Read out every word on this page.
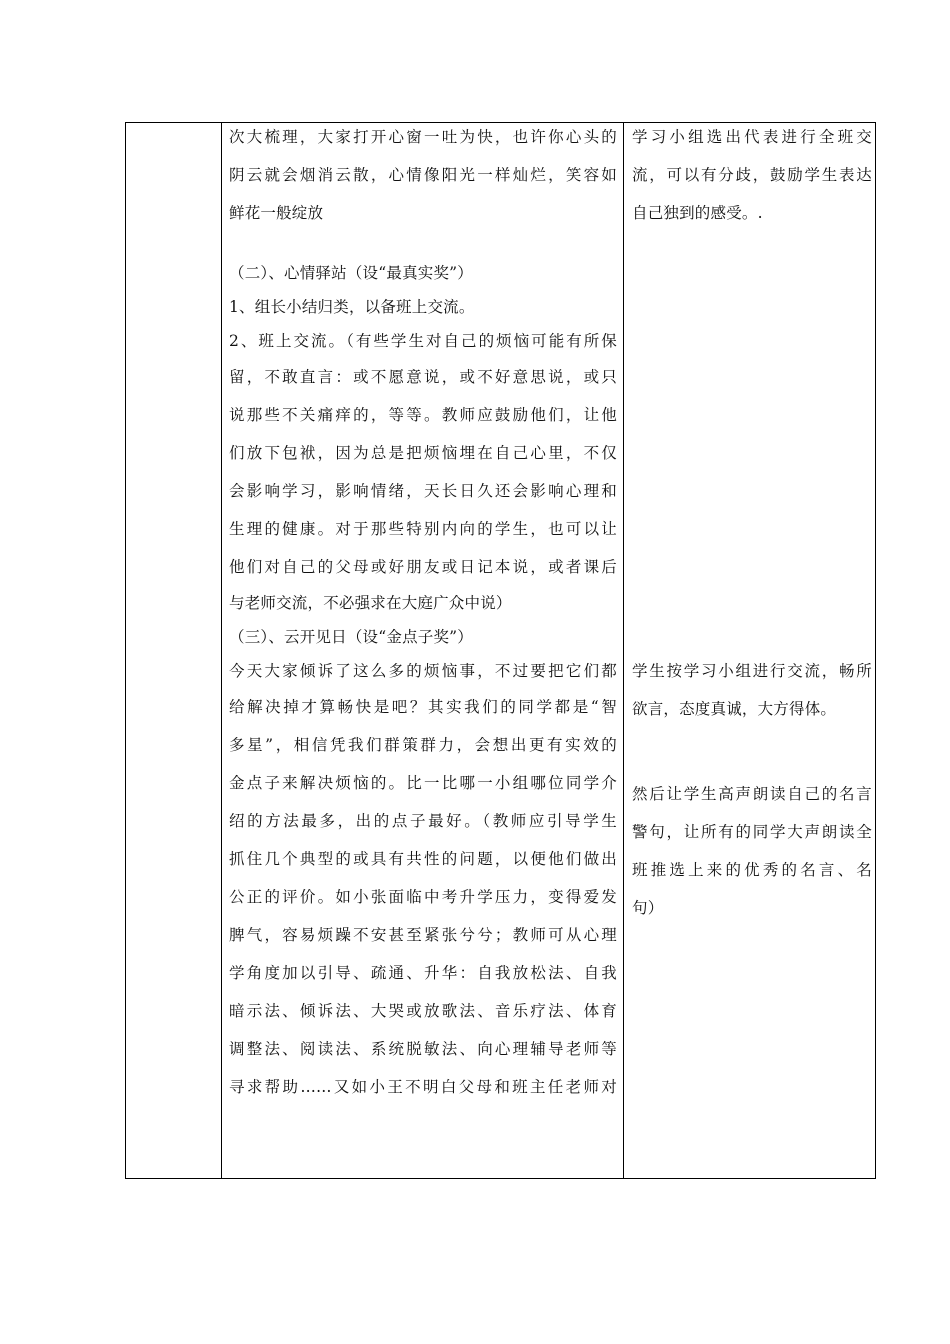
次大梳理，大家打开心窗一吐为快，也许你心头的
阴云就会烟消云散，心情像阳光一样灿烂，笑容如
鲜花一般绽放
（二）、心情驿站（设“最真实奖”）
1、组长小结归类，以备班上交流。
2、班上交流。（有些学生对自己的烦恼可能有所保
留，不敢直言：或不愿意说，或不好意思说，或只
说那些不关痛痒的，等等。教师应鼓励他们，让他
们放下包袱，因为总是把烦恼埋在自己心里，不仅
会影响学习，影响情绪，天长日久还会影响心理和
生理的健康。对于那些特别内向的学生，也可以让
他们对自己的父母或好朋友或日记本说，或者课后
与老师交流，不必强求在大庭广众中说）
（三）、云开见日（设“金点子奖”）
今天大家倾诉了这么多的烦恼事，不过要把它们都
给解决掉才算畅快是吧？其实我们的同学都是“智
多星”，相信凭我们群策群力，会想出更有实效的
金点子来解决烦恼的。比一比哪一小组哪位同学介
绍的方法最多，出的点子最好。（教师应引导学生
抓住几个典型的或具有共性的问题，以便他们做出
公正的评价。如小张面临中考升学压力，变得爱发
脾气，容易烦躁不安甚至紧张兮兮；教师可从心理
学角度加以引导、疏通、升华：自我放松法、自我
暗示法、倾诉法、大哭或放歌法、音乐疗法、体育
调整法、阅读法、系统脱敏法、向心理辅导老师等
寻求帮助……又如小王不明白父母和班主任老师对
学习小组选出代表进行全班交
流，可以有分歧，鼓励学生表达
自己独到的感受。.
学生按学习小组进行交流，畅所
欲言，态度真诚，大方得体。
然后让学生高声朗读自己的名言
警句，让所有的同学大声朗读全
班推选上来的优秀的名言、名
句）
